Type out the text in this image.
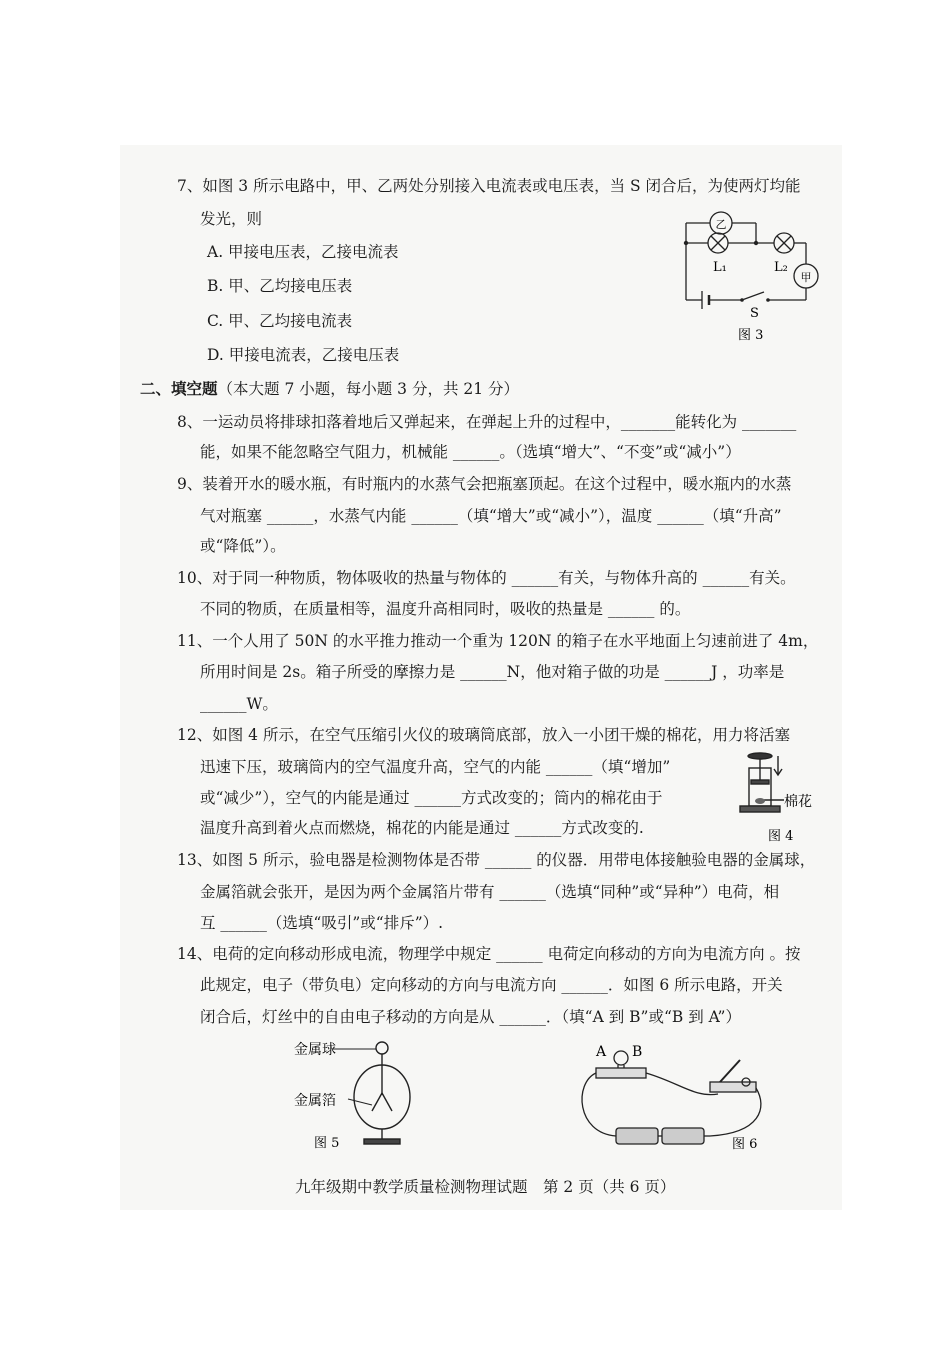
7、如图 3 所示电路中，甲、乙两处分别接入电流表或电压表，当 S 闭合后，为使两灯均能
发光，则
A. 甲接电压表，乙接电流表
B. 甲、乙均接电压表
C. 甲、乙均接电流表
D. 甲接电流表，乙接电压表
乙
甲
L₁	L₂
S
图 3
二、填空题（本大题 7 小题，每小题 3 分，共 21 分）
8、一运动员将排球扣落着地后又弹起来，在弹起上升的过程中，_______能转化为 _______
能，如果不能忽略空气阻力，机械能 ______。（选填“增大”、“不变”或“减小”）
9、装着开水的暖水瓶，有时瓶内的水蒸气会把瓶塞顶起。在这个过程中，暖水瓶内的水蒸
气对瓶塞 ______，水蒸气内能 ______（填“增大”或“减小”），温度 ______（填“升高”
或“降低”）。
10、对于同一种物质，物体吸收的热量与物体的 ______有关，与物体升高的 ______有关。
不同的物质，在质量相等，温度升高相同时，吸收的热量是 ______ 的。
11、一个人用了 50N 的水平推力推动一个重为 120N 的箱子在水平地面上匀速前进了 4m，
所用时间是 2s。箱子所受的摩擦力是 ______N，他对箱子做的功是 ______J ，功率是
______W。
12、如图 4 所示，在空气压缩引火仪的玻璃筒底部，放入一小团干燥的棉花，用力将活塞
迅速下压，玻璃筒内的空气温度升高，空气的内能 ______（填“增加”
或“减少”），空气的内能是通过 ______方式改变的；筒内的棉花由于
温度升高到着火点而燃烧，棉花的内能是通过 ______方式改变的.
棉花
图 4
13、如图 5 所示，验电器是检测物体是否带 ______ 的仪器．用带电体接触验电器的金属球，
金属箔就会张开，是因为两个金属箔片带有 ______（选填“同种”或“异种”）电荷，相
互 ______（选填“吸引”或“排斥”）.
14、电荷的定向移动形成电流，物理学中规定 ______ 电荷定向移动的方向为电流方向 。按
此规定，电子（带负电）定向移动的方向与电流方向 ______．如图 6 所示电路，开关
闭合后，灯丝中的自由电子移动的方向是从 ______．（填“A 到 B”或“B 到 A”）
金属球
金属箔
图 5
A B
图 6
九年级期中教学质量检测物理试题　第 2 页（共 6 页）
